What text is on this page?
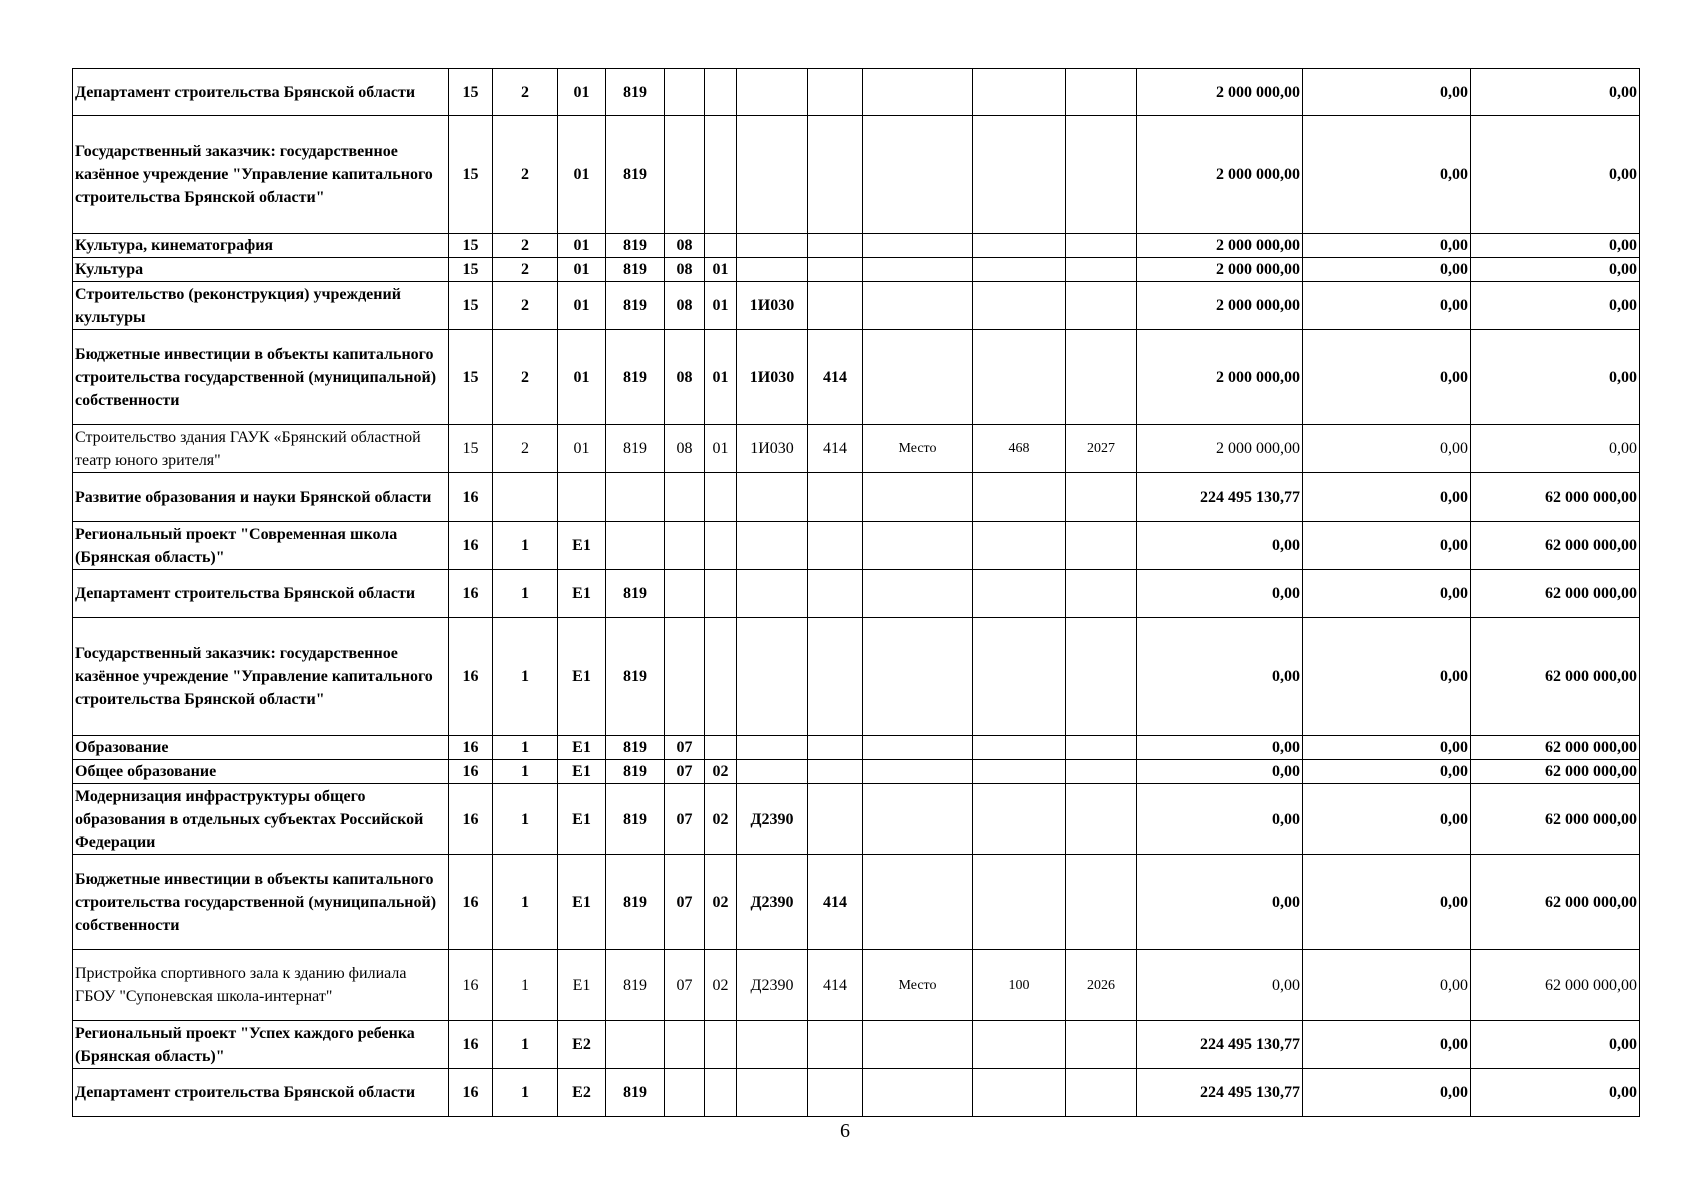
Департамент строительства Брянской области	15	2	01	819								2 000 000,00	0,00	0,00
Государственный заказчик: государственное казённое учреждение "Управление капитального строительства Брянской области"	15	2	01	819								2 000 000,00	0,00	0,00
Культура, кинематография	15	2	01	819	08							2 000 000,00	0,00	0,00
Культура	15	2	01	819	08	01						2 000 000,00	0,00	0,00
Строительство (реконструкция) учреждений культуры	15	2	01	819	08	01	1И030					2 000 000,00	0,00	0,00
Бюджетные инвестиции в объекты капитального строительства государственной (муниципальной) собственности	15	2	01	819	08	01	1И030	414				2 000 000,00	0,00	0,00
Строительство здания ГАУК «Брянский областной театр юного зрителя"	15	2	01	819	08	01	1И030	414	Место	468	2027	2 000 000,00	0,00	0,00
Развитие образования и науки Брянской области	16											224 495 130,77	0,00	62 000 000,00
Региональный проект "Современная школа (Брянская область)"	16	1	Е1									0,00	0,00	62 000 000,00
Департамент строительства Брянской области	16	1	Е1	819								0,00	0,00	62 000 000,00
Государственный заказчик: государственное казённое учреждение "Управление капитального строительства Брянской области"	16	1	Е1	819								0,00	0,00	62 000 000,00
Образование	16	1	Е1	819	07							0,00	0,00	62 000 000,00
Общее образование	16	1	Е1	819	07	02						0,00	0,00	62 000 000,00
Модернизация инфраструктуры общего образования в отдельных субъектах Российской Федерации	16	1	Е1	819	07	02	Д2390					0,00	0,00	62 000 000,00
Бюджетные инвестиции в объекты капитального строительства государственной (муниципальной) собственности	16	1	Е1	819	07	02	Д2390	414				0,00	0,00	62 000 000,00
Пристройка спортивного зала к зданию филиала ГБОУ "Супоневская школа-интернат"	16	1	Е1	819	07	02	Д2390	414	Место	100	2026	0,00	0,00	62 000 000,00
Региональный проект "Успех каждого ребенка (Брянская область)"	16	1	Е2									224 495 130,77	0,00	0,00
Департамент строительства Брянской области	16	1	Е2	819								224 495 130,77	0,00	0,00
6
